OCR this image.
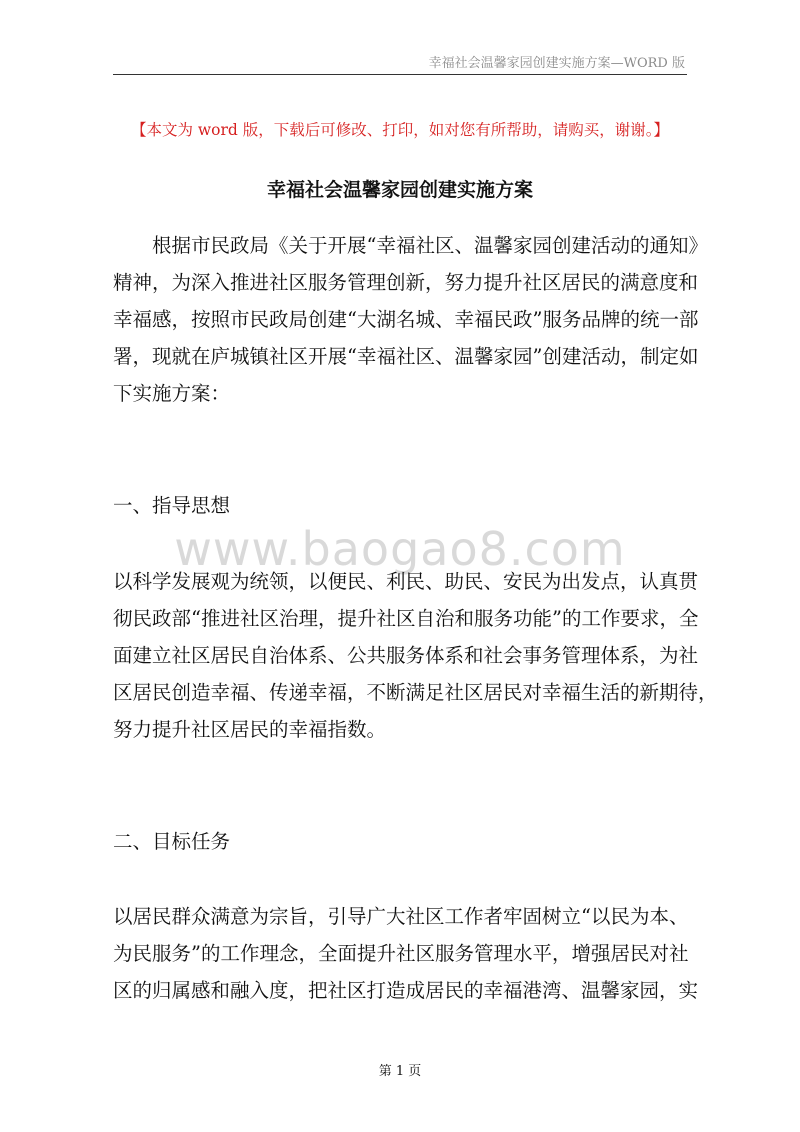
幸福社会温馨家园创建实施方案—WORD 版
【本文为 word 版，下载后可修改、打印，如对您有所帮助，请购买，谢谢。】
幸福社会温馨家园创建实施方案
　　根据市民政局《关于开展“幸福社区、温馨家园创建活动的通知》
精神，为深入推进社区服务管理创新，努力提升社区居民的满意度和
幸福感，按照市民政局创建“大湖名城、幸福民政”服务品牌的统一部
署，现就在庐城镇社区开展“幸福社区、温馨家园”创建活动，制定如
下实施方案：
一、指导思想
www.baogao8.com
以科学发展观为统领，以便民、利民、助民、安民为出发点，认真贯
彻民政部“推进社区治理，提升社区自治和服务功能”的工作要求，全
面建立社区居民自治体系、公共服务体系和社会事务管理体系，为社
区居民创造幸福、传递幸福，不断满足社区居民对幸福生活的新期待，
努力提升社区居民的幸福指数。
二、目标任务
以居民群众满意为宗旨，引导广大社区工作者牢固树立“以民为本、
为民服务”的工作理念，全面提升社区服务管理水平，增强居民对社
区的归属感和融入度，把社区打造成居民的幸福港湾、温馨家园，实
第 1 页
